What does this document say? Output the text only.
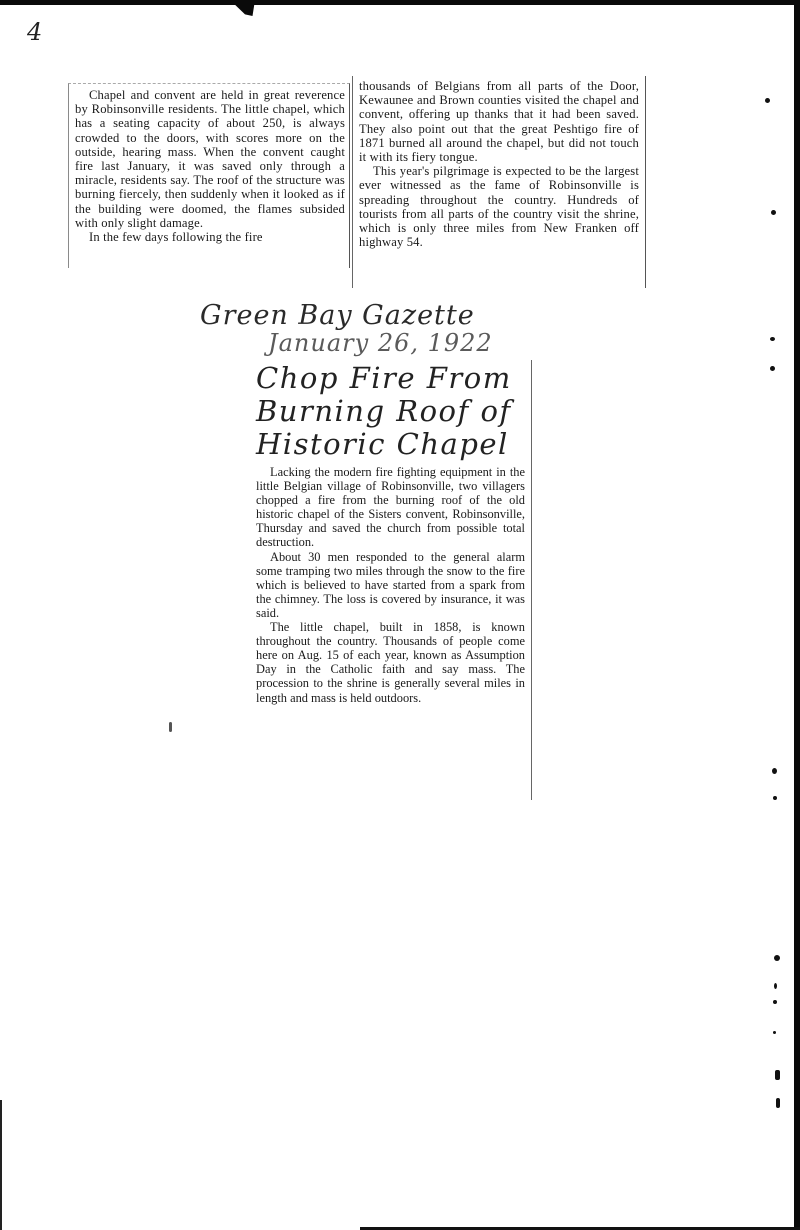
4

Chapel and convent are held in great reverence by Robinsonville residents. The little chapel, which has a seating capacity of about 250, is always crowded to the doors, with scores more on the outside, hearing mass. When the convent caught fire last January, it was saved only through a miracle, residents say. The roof of the structure was burning fiercely, then suddenly when it looked as if the building were doomed, the flames subsided with only slight damage.

In the few days following the fire

thousands of Belgians from all parts of the Door, Kewaunee and Brown counties visited the chapel and convent, offering up thanks that it had been saved. They also point out that the great Peshtigo fire of 1871 burned all around the chapel, but did not touch it with its fiery tongue.

This year's pilgrimage is expected to be the largest ever witnessed as the fame of Robinsonville is spreading throughout the country. Hundreds of tourists from all parts of the country visit the shrine, which is only three miles from New Franken off highway 54.

Green Bay Gazette
January 26, 1922
Chop Fire From
Burning Roof of
Historic Chapel

Lacking the modern fire fighting equipment in the little Belgian village of Robinsonville, two villagers chopped a fire from the burning roof of the old historic chapel of the Sisters convent, Robinsonville, Thursday and saved the church from possible total destruction.

About 30 men responded to the general alarm some tramping two miles through the snow to the fire which is believed to have started from a spark from the chimney. The loss is covered by insurance, it was said.

The little chapel, built in 1858, is known throughout the country. Thousands of people come here on Aug. 15 of each year, known as Assumption Day in the Catholic faith and say mass. The procession to the shrine is generally several miles in length and mass is held outdoors.
